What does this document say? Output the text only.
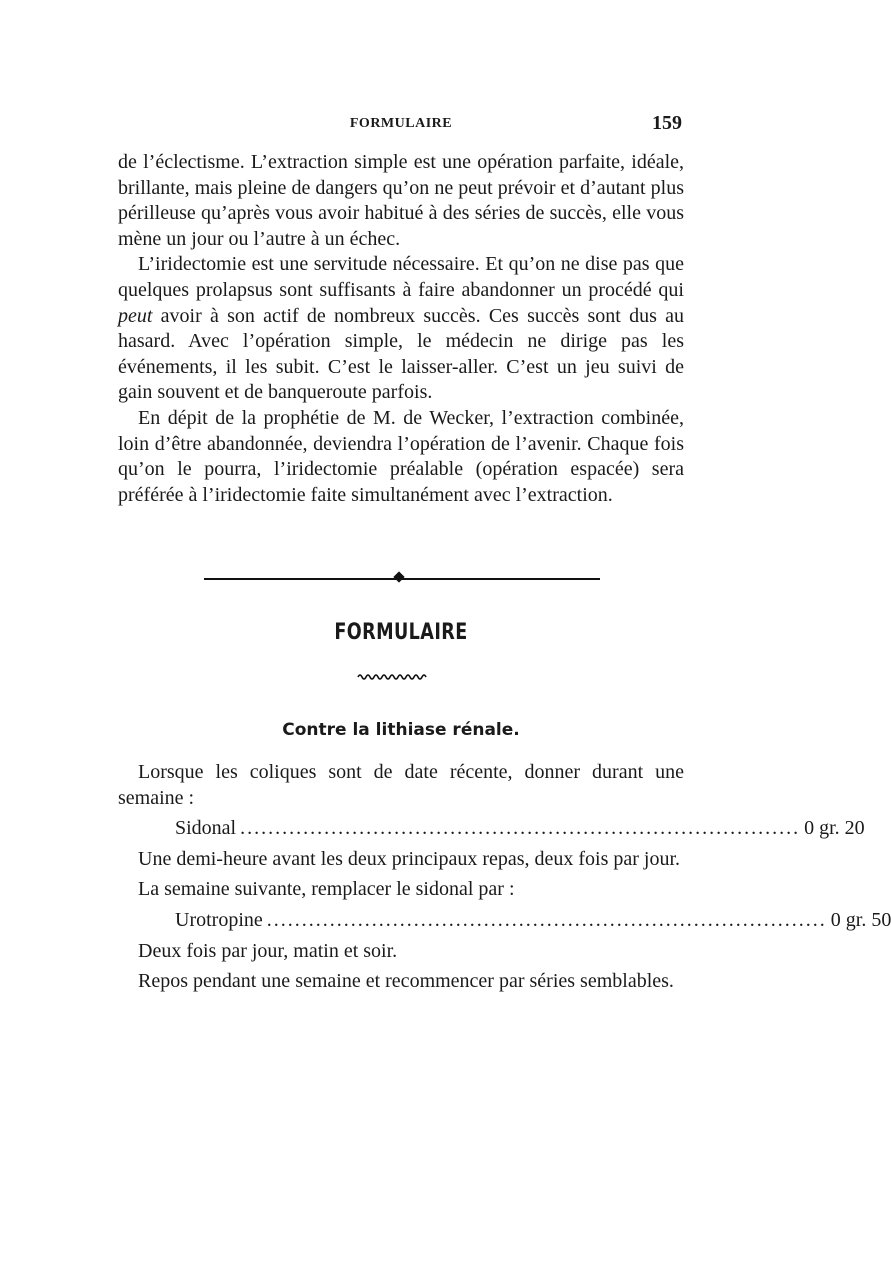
FORMULAIRE	159

de l’éclectisme. L’extraction simple est une opération parfaite, idéale, brillante, mais pleine de dangers qu’on ne peut prévoir et d’autant plus périlleuse qu’après vous avoir habitué à des séries de succès, elle vous mène un jour ou l’autre à un échec.

L’iridectomie est une servitude nécessaire. Et qu’on ne dise pas que quelques prolapsus sont suffisants à faire abandonner un procédé qui peut avoir à son actif de nombreux succès. Ces succès sont dus au hasard. Avec l’opération simple, le médecin ne dirige pas les événements, il les subit. C’est le laisser-aller. C’est un jeu suivi de gain souvent et de banqueroute parfois.

En dépit de la prophétie de M. de Wecker, l’extraction combinée, loin d’être abandonnée, deviendra l’opération de l’avenir. Chaque fois qu’on le pourra, l’iridectomie préalable (opération espacée) sera préférée à l’iridectomie faite simultanément avec l’extraction.

FORMULAIRE
Contre la lithiase rénale.

Lorsque les coliques sont de date récente, donner durant une semaine :

Sidonal ................................................................................ 0 gr. 20

Une demi-heure avant les deux principaux repas, deux fois par jour.

La semaine suivante, remplacer le sidonal par :

Urotropine ................................................................................ 0 gr. 50

Deux fois par jour, matin et soir.

Repos pendant une semaine et recommencer par séries semblables.
